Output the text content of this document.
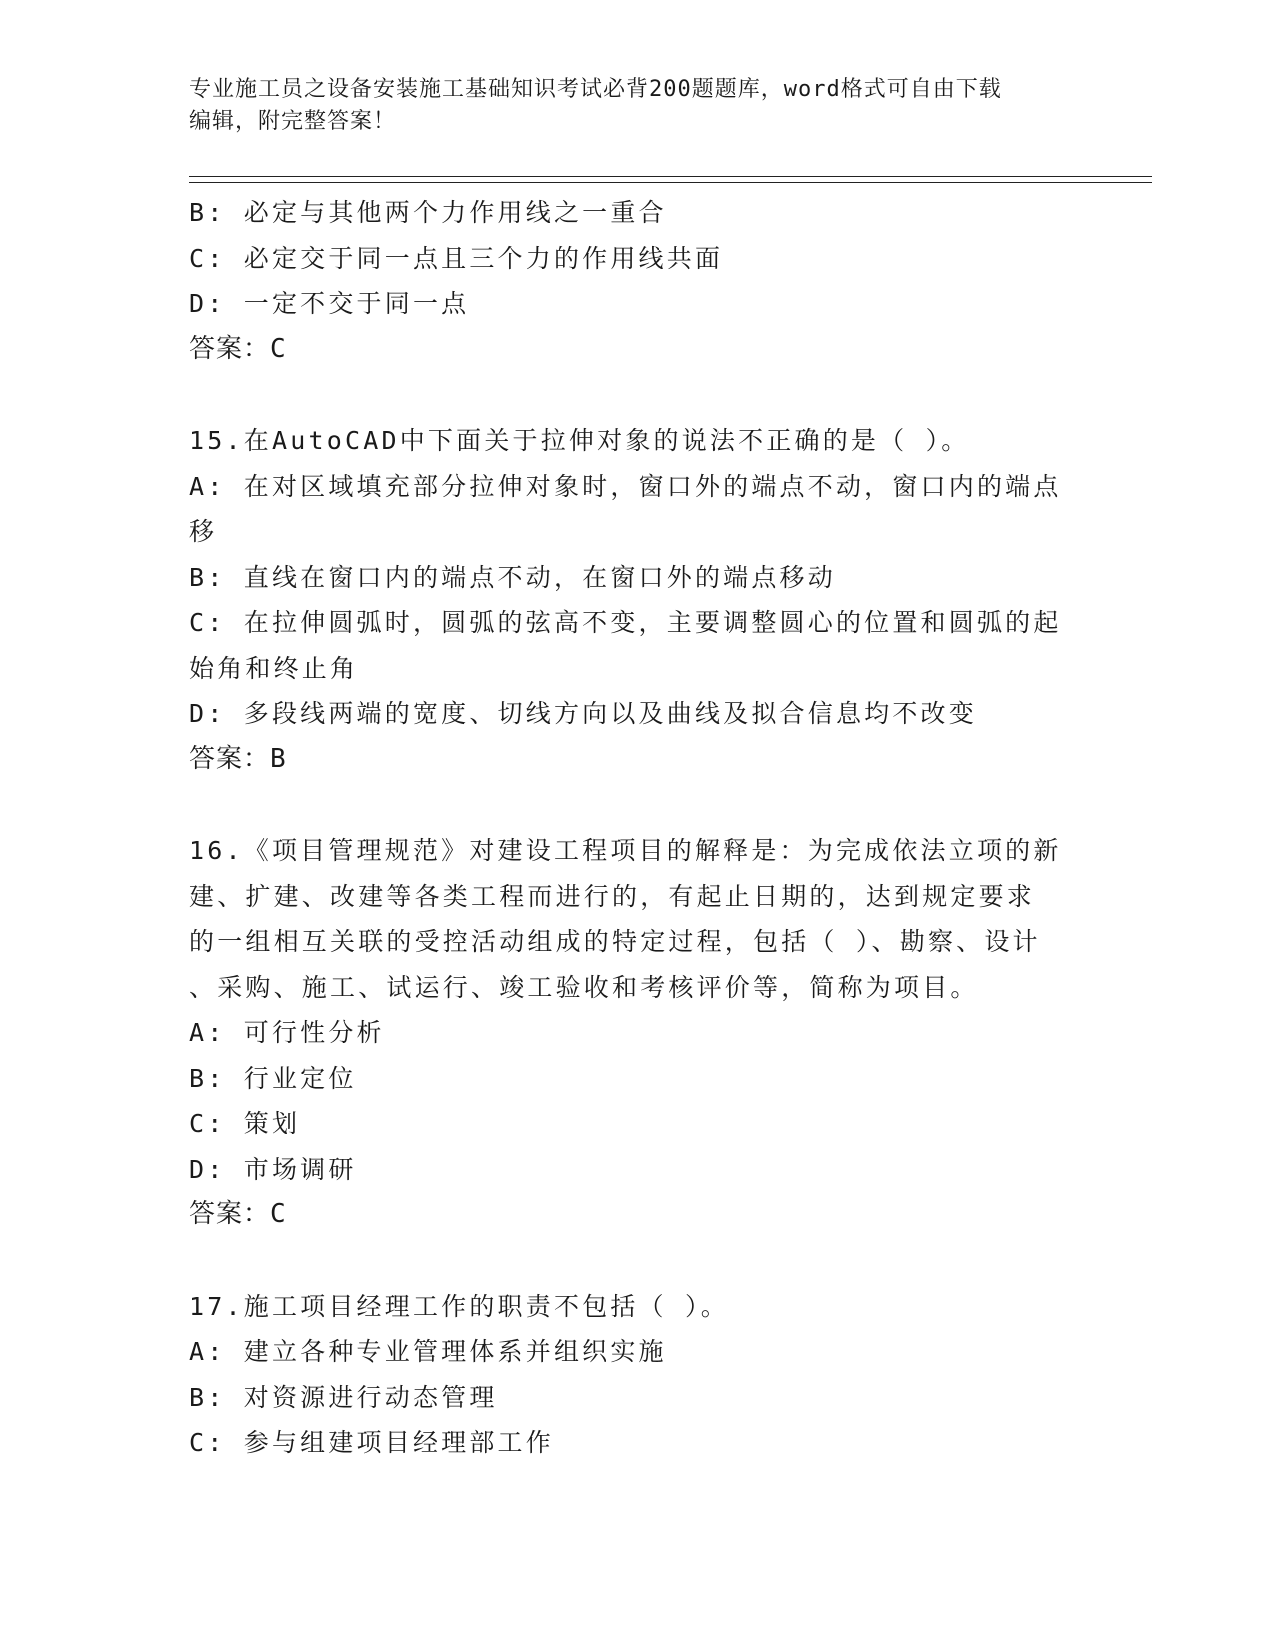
专业施工员之设备安装施工基础知识考试必背200题题库，word格式可自由下载
编辑，附完整答案！
B: 必定与其他两个力作用线之一重合
C: 必定交于同一点且三个力的作用线共面
D: 一定不交于同一点
答案：C
15.在AutoCAD中下面关于拉伸对象的说法不正确的是（ ）。
A: 在对区域填充部分拉伸对象时，窗口外的端点不动，窗口内的端点
移
B: 直线在窗口内的端点不动，在窗口外的端点移动
C: 在拉伸圆弧时，圆弧的弦高不变，主要调整圆心的位置和圆弧的起
始角和终止角
D: 多段线两端的宽度、切线方向以及曲线及拟合信息均不改变
答案：B
16.《项目管理规范》对建设工程项目的解释是：为完成依法立项的新
建、扩建、改建等各类工程而进行的，有起止日期的，达到规定要求
的一组相互关联的受控活动组成的特定过程，包括（ ）、勘察、设计
、采购、施工、试运行、竣工验收和考核评价等，简称为项目。
A: 可行性分析
B: 行业定位
C: 策划
D: 市场调研
答案：C
17.施工项目经理工作的职责不包括（ ）。
A: 建立各种专业管理体系并组织实施
B: 对资源进行动态管理
C: 参与组建项目经理部工作
